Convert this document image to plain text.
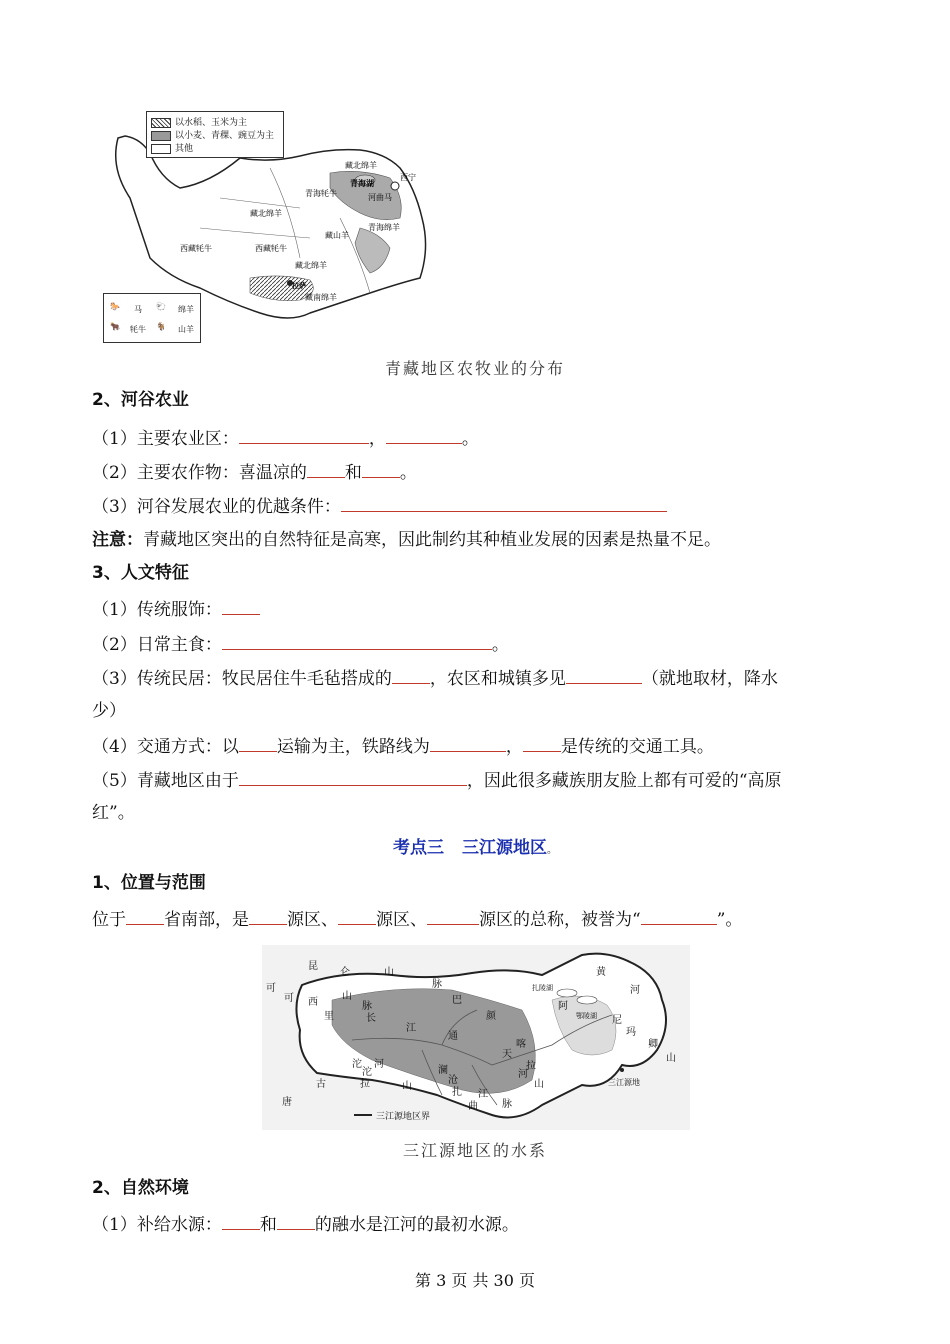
藏北绵羊
青海湖
西宁
青海牦牛	河曲马
藏北绵羊
青海绵羊
藏山羊
西藏牦牛	西藏牦牛
藏北绵羊
拉萨
藏南绵羊
以水稻、玉米为主
以小麦、青稞、豌豆为主
其他
🐎 马 🐑 绵羊
🐂 牦牛 🐐 山羊
青藏地区农牧业的分布
2、河谷农业
（1）主要农业区：	，	。
（2）主要农作物：喜温凉的 和 。
（3）河谷发展农业的优越条件：
注意：青藏地区突出的自然特征是高寒，因此制约其种植业发展的因素是热量不足。
3、人文特征
（1）传统服饰：
（2）日常主食：	。
（3）传统民居：牧民居住牛毛毡搭成的 ，农区和城镇多见	（就地取材，降水
少）
（4）交通方式：以 运输为主，铁路线为	， 是传统的交通工具。
（5）青藏地区由于	，因此很多藏族朋友脸上都有可爱的“高原
红”。
考点三 三江源地区。
1、位置与范围
位于 省南部，是 源区、 源区、	源区的总称，被誉为“	”。
昆
仑	山
脉
可
可 西
里
山
脉
巴
颜
喀
拉
山
长
江
通
天
河
扎
曲
黄
河
阿
尼
玛
卿
山
唐
古	拉	山
脉
沱
沱
河
澜
沧
江
三江源地
扎陵湖
鄂陵湖
三江源地区界
三江源地区的水系
2、自然环境
（1）补给水源： 和 的融水是江河的最初水源。
第 3 页 共 30 页
